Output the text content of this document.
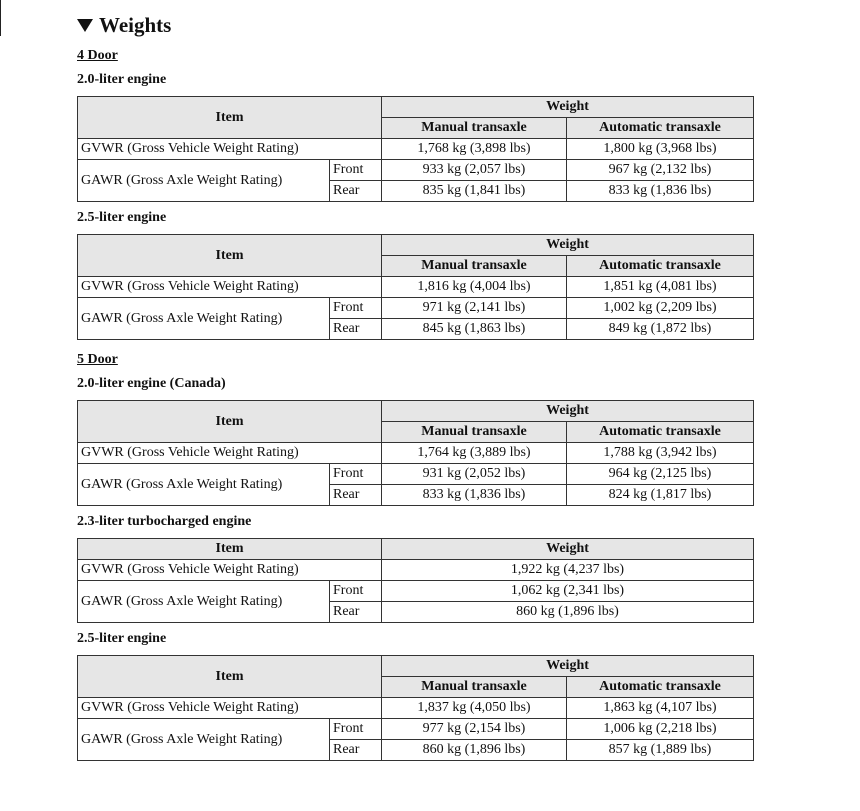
Weights

4 Door

2.0-liter engine

Item		Weight	
		Manual transaxle	Automatic transaxle
GVWR (Gross Vehicle Weight Rating)		1,768 kg (3,898 lbs)	1,800 kg (3,968 lbs)
GAWR (Gross Axle Weight Rating)	Front	933 kg (2,057 lbs)	967 kg (2,132 lbs)
	Rear	835 kg (1,841 lbs)	833 kg (1,836 lbs)

2.5-liter engine

Item		Weight	
		Manual transaxle	Automatic transaxle
GVWR (Gross Vehicle Weight Rating)		1,816 kg (4,004 lbs)	1,851 kg (4,081 lbs)
GAWR (Gross Axle Weight Rating)	Front	971 kg (2,141 lbs)	1,002 kg (2,209 lbs)
	Rear	845 kg (1,863 lbs)	849 kg (1,872 lbs)

5 Door

2.0-liter engine (Canada)

Item		Weight	
		Manual transaxle	Automatic transaxle
GVWR (Gross Vehicle Weight Rating)		1,764 kg (3,889 lbs)	1,788 kg (3,942 lbs)
GAWR (Gross Axle Weight Rating)	Front	931 kg (2,052 lbs)	964 kg (2,125 lbs)
	Rear	833 kg (1,836 lbs)	824 kg (1,817 lbs)

2.3-liter turbocharged engine

Item		Weight
GVWR (Gross Vehicle Weight Rating)		1,922 kg (4,237 lbs)
GAWR (Gross Axle Weight Rating)	Front	1,062 kg (2,341 lbs)
	Rear	860 kg (1,896 lbs)

2.5-liter engine

Item		Weight	
		Manual transaxle	Automatic transaxle
GVWR (Gross Vehicle Weight Rating)		1,837 kg (4,050 lbs)	1,863 kg (4,107 lbs)
GAWR (Gross Axle Weight Rating)	Front	977 kg (2,154 lbs)	1,006 kg (2,218 lbs)
	Rear	860 kg (1,896 lbs)	857 kg (1,889 lbs)
